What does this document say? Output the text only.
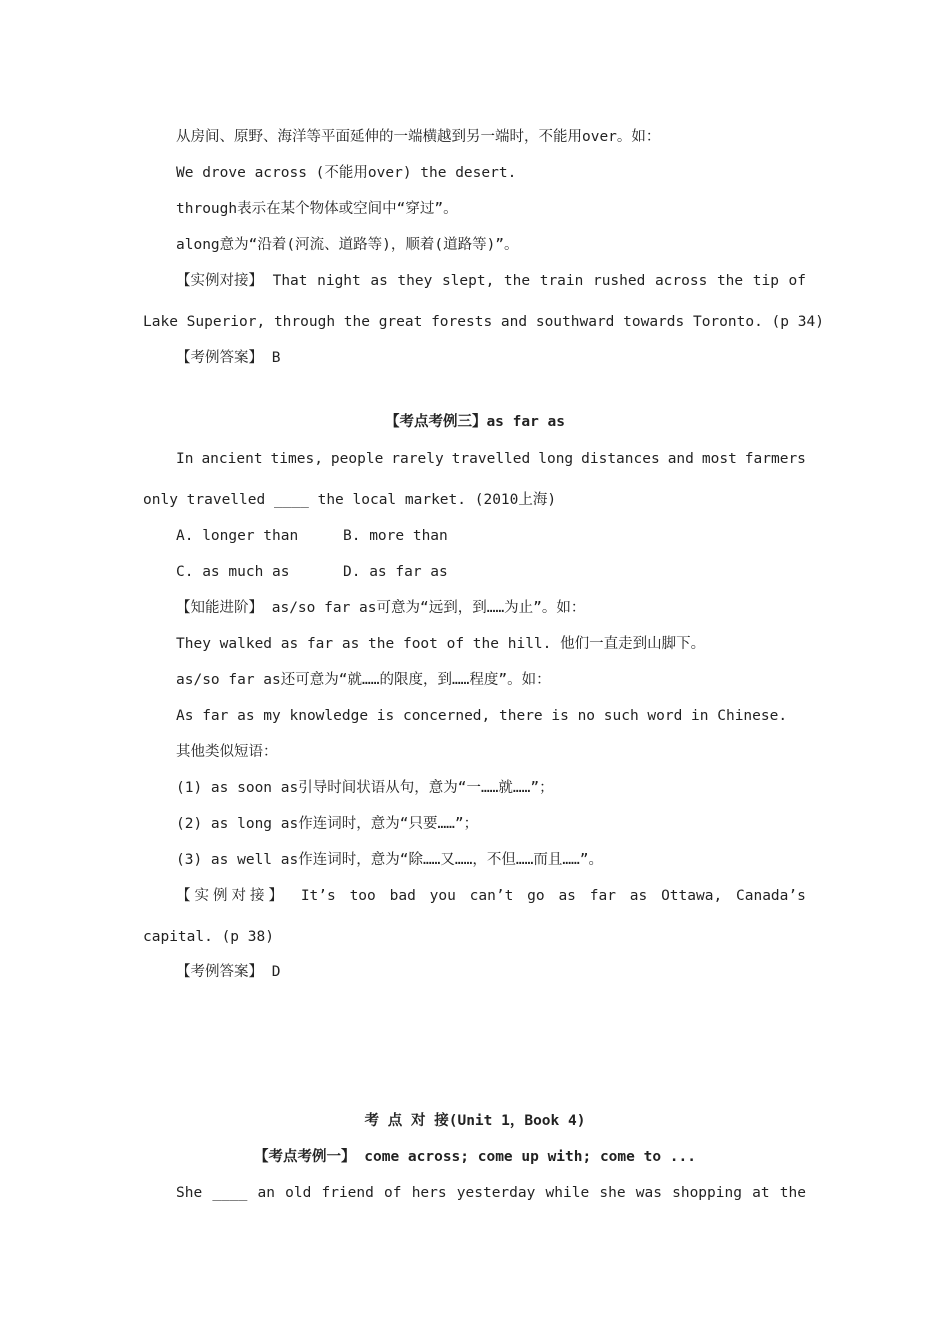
从房间、原野、海洋等平面延伸的一端横越到另一端时，不能用over。如：
We drove across (不能用over) the desert.
through表示在某个物体或空间中“穿过”。
along意为“沿着(河流、道路等)，顺着(道路等)”。
【实例对接】 That night as they slept, the train rushed across the tip of
Lake Superior, through the great forests and southward towards Toronto. (p 34)
【考例答案】 B
【考点考例三】as far as
In ancient times, people rarely travelled long distances and most farmers
only travelled ____ the local market. (2010上海)
A. longer than	B. more than
C. as much as	D. as far as
【知能进阶】 as/so far as可意为“远到，到……为止”。如：
They walked as far as the foot of the hill. 他们一直走到山脚下。
as/so far as还可意为“就……的限度，到……程度”。如：
As far as my knowledge is concerned, there is no such word in Chinese.
其他类似短语：
(1) as soon as引导时间状语从句，意为“一……就……”；
(2) as long as作连词时，意为“只要……”；
(3) as well as作连词时，意为“除……又……，不但……而且……”。
【实例对接】 It’s too bad you can’t go as far as Ottawa, Canada’s
capital. (p 38)
【考例答案】 D
考 点 对 接(Unit 1，Book 4)
【考点考例一】 come across; come up with; come to ...
She ____ an old friend of hers yesterday while she was shopping at the
